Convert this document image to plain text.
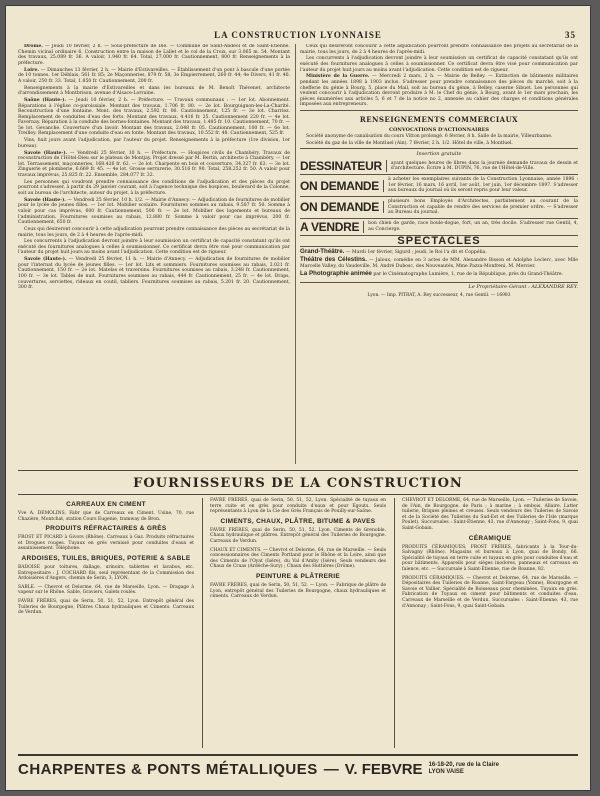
LA CONSTRUCTION LYONNAISE	35

Drôme. — Jeudi 10 février, 2 h. — Sous-préfecture de Die. — Commune de Saint-Andéol et de Saint-Étienne. Chemin vicinal ordinaire 6. Construction entre la maison de Lallet et le col de la Croix, sur 3.065 m. 54. Montant des travaux, 25.089 fr. 36. A valoir, 1.940 fr. 64. Total, 27.000 fr. Cautionnement, 800 fr. Renseignements à la préfecture.

Loire. — Dimanches 13 février, 2 h. — Mairie d'Estivareilles. — Établissement d'un pont à bascule d'une portée de 10 tonnes. 1er Déblais, 561 fr. 85; 2e Maçonneries, 879 fr. 58; 3e Empierrement, 260 fr. 44; 4e Divers, 41 fr. 40. A valoir, 250 fr. 33. Total, 1.850 fr. Cautionnement, 200 fr.

Renseignements à la mairie d'Estivareilles et dans les bureaux de M. Benoît Thévenet, architecte d'arrondissement à Montbrison, avenue d'Alsace-Lorraine.

Saône (Haute-). — Jeudi 10 février, 2 h. — Préfecture. — Travaux communaux : — 1er lot. Abonnement. Réparations à l'église co-paroissiale. Montant des travaux, 1.706 fr. 80. — 2e lot. Bourguignon-les-La-Charité. Reconstruction d'une fontaine. Mont. des travaux, 2.592 fr. 06. Cautionnement, 125 fr. — 3e lot. Charriez. Remplacement de conduites d'eau des forts. Montant des travaux, 4.416 fr. 25. Cautionnement 220 fr. — 4e lot. Favernay. Réparation à la conduite des bornes-fontaines. Montant des travaux, 1.485 fr. 10. Cautionnement, 70 fr. — 5e lot. Gevanche. Couverture d'un lavoir. Montant des travaux, 2.048 fr. 05. Cautionnement, 100 fr. — 6e lot. Treilley. Remplacement d'une conduite d'eau en fonte. Montant des travaux, 10.552 fr. 48. Cautionnement, 525 fr.

Vins, huit jours avant l'adjudication, par l'auteur du projet. Renseignements à la préfecture (1re division, 1er bureau).

Savoie (Haute-). — Vendredi 25 février, 10 h. — Préfecture. — Hospices civils de Chambéry. Travaux de reconstruction de l'Hôtel-Dieu sur le plateau de Montjay. Projet dressé par M. Bertin, architecte à Chambéry. — 1er lot. Terrassement, maçonneries, 168.426 fr. 62. — 2e lot. Charpente en bois et couverture, 34.327 fr. 63. — 3e lot. Zinguerie et plomberie, 6.669 fr. 45. — 4e lot. Grosse serrurerie, 30.516 fr. 90. Total, 258.252 fr. 50. A valoir pour travaux imprévus, 25.825 fr. 22. Ensemble, 284.077 fr. 32.

Les personnes qui voudront prendre connaissance des conditions de l'adjudication et des pièces du projet pourront s'adresser, à partir du 29 janvier courant, soit à l'agence technique des hospices, boulevard de la Colonne, soit au bureau de l'architecte, auteur du projet, à la préfecture.

Savoie (Haute-). — Vendredi 25 février, 10 h. 1/2. — Mairie d'Annecy. — Adjudication de fournitures de mobilier pour le lycée de jeunes filles. — 1er lot. Mobilier scolaire. Fournitures sommes au rabais, 9.587 fr. 50. Somme à valoir pour cas imprévus, 600 fr. Cautionnement, 500 fr. — 2e lot. Mobilier des logements et bureaux de l'administration. Fournitures soumises au rabais, 12.880 fr. Somme à valoir pour cas imprévus, 200 fr. Cautionnement, 650 fr.

Ceux qui désireront concourir à cette adjudication pourront prendre connaissance des pièces au secrétariat de la mairie, tous les jours, de 2 à 4 heures de l'après-midi.

Les concurrents à l'adjudication devront joindre à leur soumission un certificat de capacité constatant qu'ils ont exécuté des fournitures analogues à celles à soumissionner. Ce certificat devra être visé pour communication par l'auteur du projet huit jours au moins avant l'adjudication. Cette condition est de rigueur.

Savoie (Haute-). — Vendredi 25 février, 11 h. — Mairie d'Annecy. — Adjudication de fournitures de mobilier pour l'internat du lycée de jeunes filles. — 1er lot. Lits et sommiers. Fournitures soumises au rabais, 3.021 fr. Cautionnement, 150 fr. — 2e lot. Matelas et traversins. Fournitures soumises au rabais, 3.248 fr. Cautionnement, 100 fr. — 3e lot. Tables de nuit. Fournitures soumises au rabais, 444 fr. Cautionnement, 25 fr. — 4e lot. Draps, couvertures, serviettes, rideaux en coutil, tabliers. Fournitures soumises au rabais, 5.201 fr. 20. Cautionnement, 300 fr.

Ceux qui désireront concourir à cette adjudication pourront prendre connaissance des projets au secrétariat de la mairie, tous les jours, de 2 à 4 heures de l'après-midi.

Les concurrents à l'adjudication devront joindre à leur soumission un certificat de capacité constatant qu'ils ont exécuté des fournitures analogues à celles à soumissionner. Ce certificat devra être visé pour communication par l'auteur du projet huit jours au moins avant l'adjudication. Cette condition est de rigueur.

Ministère de la Guerre. — Mercredi 2 mars, 2 h. — Mairie de Belley. — Extinction de bâtiments militaires pendant les années 1898 à 1903 inclus. S'adresser pour prendre connaissance des pièces du marché, soit à la chefferie du génie à Bourg, 5, place du Mail, soit au bureau du génie, à Belley, caserne Sibuet. Les personnes qui veulent concourir à l'adjudication devront produire à M. le Chef du génie, à Bourg, avant le 1er mars prochain, les pièces énumérées aux articles 5, 6 et 7 de la notice no 2, annexée au cahier des charges et conditions générales imposées aux entrepreneurs.

RENSEIGNEMENTS COMMERCIAUX
CONVOCATIONS D'ACTIONNAIRES

Société anonyme de canalisation du cours Vitton prolongé. 6 février, 8 h. Salle de la mairie, Villeurbanne.

Société du gaz de la ville de Montluel (Ain). 7 février, 2 h. 1/2. Hôtel de ville, à Montluel.

Insertion gratuite
DESSINATEUR	ayant quelques heures de libres dans la journée demande travaux de dessin et d'architecture. Écrire à M. DUPIN, 76, rue de l'Hôtel-de-Ville.
ON DEMANDE	à acheter les exemplaires suivants de la Construction Lyonnaise, année 1896 : 1er février, 16 mars, 16 avril, 1er août, 1er juin, 1er décembre 1897. S'adresser aux bureaux du journal où ils seront repris pour leur valeur.
ON DEMANDE	plusieurs bons Employés d'Architectes, parfaitement au courant de la Construction et capable de rendre des services de premier ordre. — S'adresser au Bureau du journal.
A VENDRE	bon chien de garde, race boule-dogue, fort, un an, très docile. S'adresser rue Gentil, 4, au Concierge.
SPECTACLES
Grand-Théâtre. — Mardi 1er février, Sigurd ; jeudi, le Roi l'a dit et Coppélia.
Théâtre des Célestins. — Jaloux, comédie en 3 actes de MM. Alexandre Bisson et Adolphe Leclerc, avec Mlle Marcelle Valley, du Vaudeville, M. André Dubosc, des Nouveautés, Mme Pazza-Monfreni, M. Mercier.
La Photographie animée par le Cinématographe Lumière, 1, rue de la République, près du Grand-Théâtre.
Le Propriétaire-Gérant : ALEXANDRE REY.
Lyon. — Imp. PITRAT, A. Rey successeur, 4, rue Gentil. — 16983
FOURNISSEURS DE LA CONSTRUCTION
CARREAUX EN CIMENT
Vve A. DEMOLINS, Fabr que de Carreaux en Ciment. Usine, 70, rue Chazière, Montchat, station Cours Eugenie, tramway de Bron.
PRODUITS RÉFRACTAIRES & GRÈS
FROST ET PICARD à Givors (Rhône). Carreaux à Gaz. Produits réfractaires et Drogues rouges. Tuyaux en grès vernissé pour conduites d'eaux et assainissement. Téléphone.
ARDOISES, TUILES, BRIQUES, POTERIE & SABLE
BADOISE pour toitures, dallage, urinoirs, tablettes et lavabos, etc. Entrepositaire : J. COCHARD fils, seul représentant de la Commission des Ardoisières d'Angers, chemin de Serin, 3, LYON.
SABLE. — Chevrot et Delorme, 64, rue de Marseille, Lyon. — Dragage à vapeur sur le Rhône. Sable, Graviers, Galets roulés.
FAVRE FRÈRES, quai de Serin, 50, 51, 52, Lyon. Entrepôt général des Tuileries de Bourgogne, Plâtres Chaux hydrauliques et Ciments. Carreaux de Verdun.
FAVRE FRÈRES, quai de Serin, 50, 51, 52, Lyon. Spécialité de tuyaux en terre cuite et en grès pour conduite d'eaux et pour Égouts. Seuls représentants à Lyon de la Cie des Grès Français de Pouilly-sur-Saône.
CIMENTS, CHAUX, PLÂTRE, BITUME & PAVES
FAVRE FRÈRES, quai de Serin, 50, 51, 52, Lyon. Ciments de Grenoble. Chaux hydraulique et plâtres. Entrepôt général des Tuileries de Bourgogne. Carreaux de Verdun.
CHAUX ET CIMENTS. — Chevrot et Delorme, 64, rue de Marseille. — Seuls concessionnaires des Ciments Portland pour le Rhône et la Loire, ainsi que des Ciments de l'Oyat (Isère), du Val d'Amby (Isère). Seuls vendeurs des Chaux de Cruas (Ardèche-Sury) ; Chaux des Huttières (Drôme).
PEINTURE & PLÂTRERIE
FAVRE FRÈRES, quai de Serin, 50, 51, 52. — Lyon. — Fabrique de plâtre de Lyon, entrepôt général des Tuileries de Bourgogne, chaux hydrauliques et ciments. Carreaux de Verdun.
CHEVROT ET DELORME, 64, rue de Marseille, Lyon. — Tuileries de Savoie, de l'Ain, de Bourgogne, de Paris ; à marine ; à embois. Allaire. Latter tuilerie, Briques pleines et creuses. Seuls vendeurs des Tuileries de Savoie et de la Société des Tuileries du Sud-Est et des Tuileries de l'Isle (marque Poulet). Succursales : Saint-Étienne, 43, rue d'Annonay ; Saint-Fons, 9, quai Saint-Gobain.
CÉRAMIQUE
PRODUITS CÉRAMIQUES, FROST FRÈRES, fabricants à la Tour-du-Salvagny (Rhône). Magasins et bureaux à Lyon, quai de Bondy, 66. Spécialité de tuyaux en terre cuite et tuyaux en grès pour conduites d'eau et pour bâtiments. Appareils pour sièges inodores, panneaux et carreaux en faïence, etc. — Succursale à Saint-Étienne, rue de Roanne, 82.
PRODUITS CÉRAMIQUES. — Chevrot et Delorme, 64, rue de Marseille. — Dépositaires des Tuileries de Roanne, Saint-Fargeau (Yonne), Bourgogne et Savoie et Vallier. Spécialité de Boisseaux pour cheminées, Tuyaux en grès. Fabrication de Tuyaux en ciment pour bâtiments et conduites d'eau. Carreaux de Marseille et de Verdun. Succursales : Saint-Étienne, 43, rue d'Annonay ; Saint-Fons, 9, quai Saint-Gobain.
CHARPENTES & PONTS MÉTALLIQUES — V. FEBVRE 16-18-20, rue de la Claire
LYON VAISE
